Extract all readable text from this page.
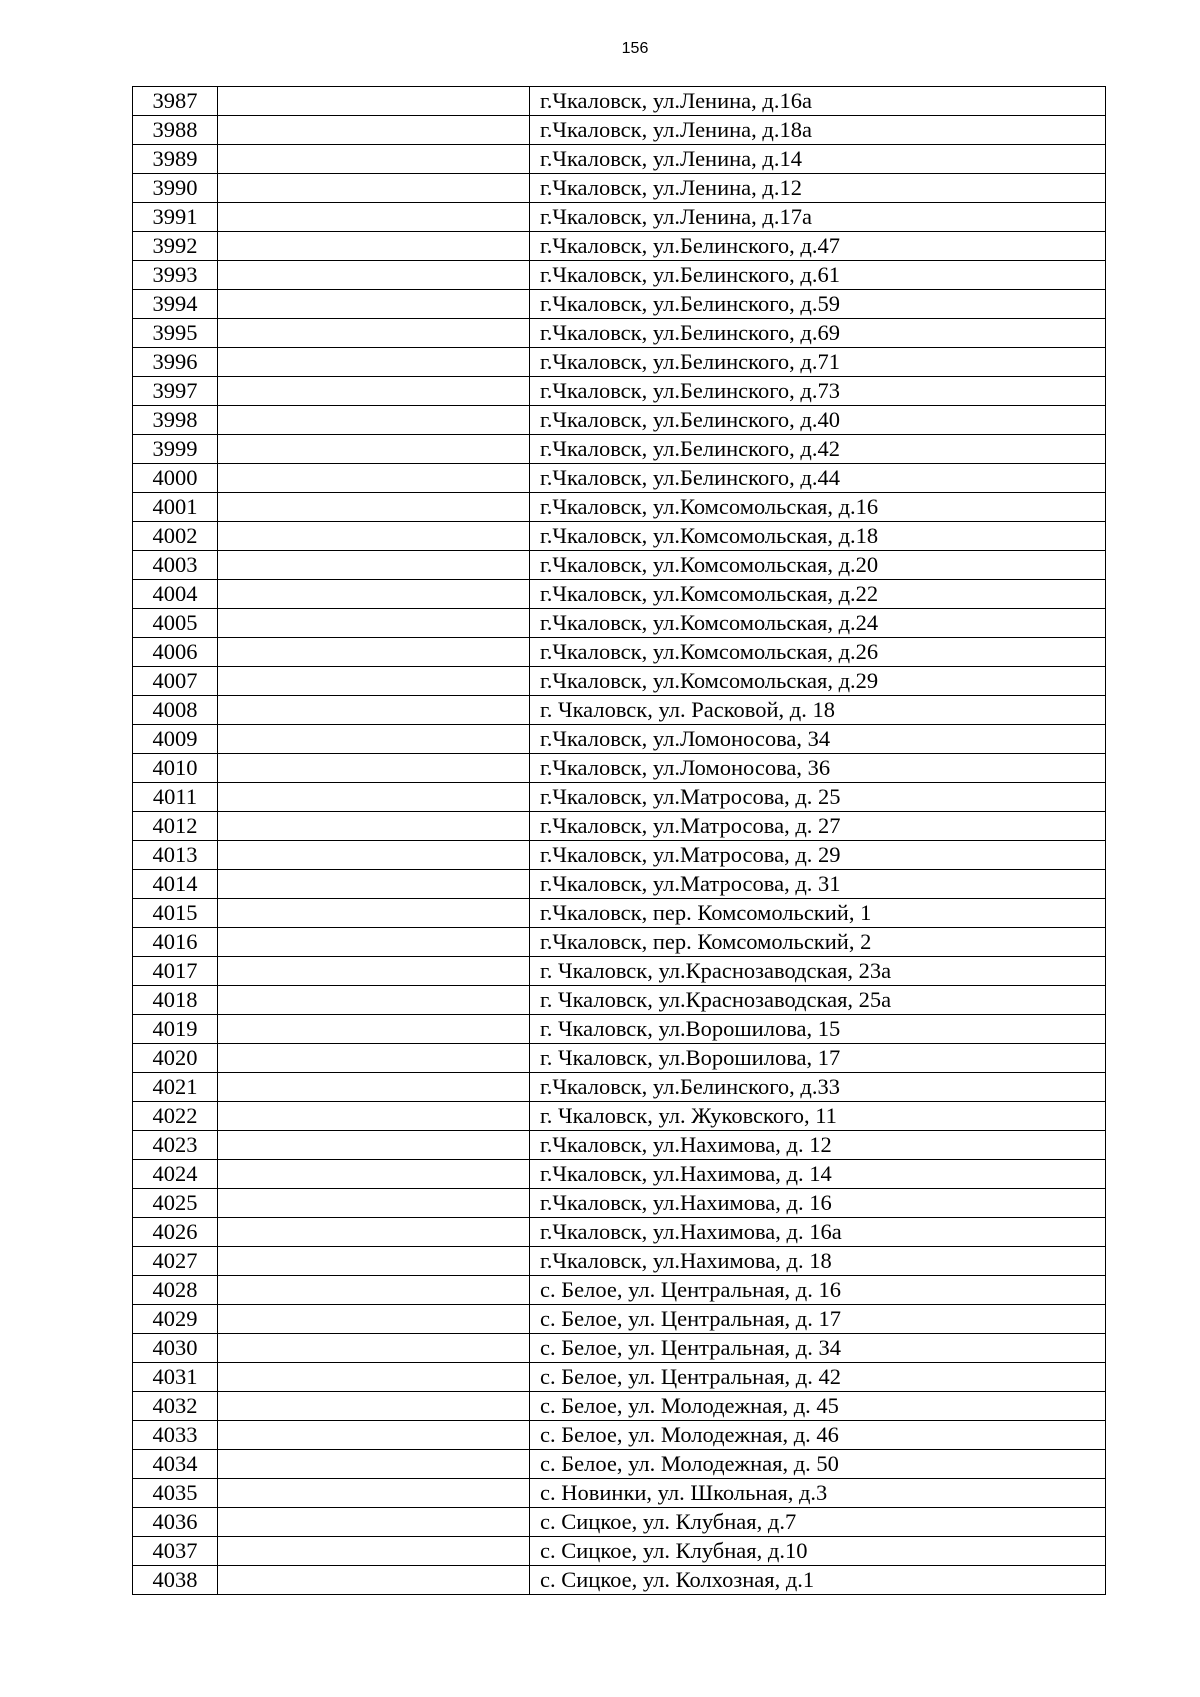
156
3987		г.Чкаловск, ул.Ленина, д.16а
3988		г.Чкаловск, ул.Ленина, д.18а
3989		г.Чкаловск, ул.Ленина, д.14
3990		г.Чкаловск, ул.Ленина, д.12
3991		г.Чкаловск, ул.Ленина, д.17а
3992		г.Чкаловск, ул.Белинского, д.47
3993		г.Чкаловск, ул.Белинского, д.61
3994		г.Чкаловск, ул.Белинского, д.59
3995		г.Чкаловск, ул.Белинского, д.69
3996		г.Чкаловск, ул.Белинского, д.71
3997		г.Чкаловск, ул.Белинского, д.73
3998		г.Чкаловск, ул.Белинского, д.40
3999		г.Чкаловск, ул.Белинского, д.42
4000		г.Чкаловск, ул.Белинского, д.44
4001		г.Чкаловск, ул.Комсомольская, д.16
4002		г.Чкаловск, ул.Комсомольская, д.18
4003		г.Чкаловск, ул.Комсомольская, д.20
4004		г.Чкаловск, ул.Комсомольская, д.22
4005		г.Чкаловск, ул.Комсомольская, д.24
4006		г.Чкаловск, ул.Комсомольская, д.26
4007		г.Чкаловск, ул.Комсомольская, д.29
4008		г. Чкаловск, ул. Расковой, д. 18
4009		г.Чкаловск, ул.Ломоносова, 34
4010		г.Чкаловск, ул.Ломоносова, 36
4011		г.Чкаловск, ул.Матросова, д. 25
4012		г.Чкаловск, ул.Матросова, д. 27
4013		г.Чкаловск, ул.Матросова, д. 29
4014		г.Чкаловск, ул.Матросова, д. 31
4015		г.Чкаловск, пер. Комсомольский, 1
4016		г.Чкаловск, пер. Комсомольский, 2
4017		г. Чкаловск, ул.Краснозаводская, 23а
4018		г. Чкаловск, ул.Краснозаводская, 25а
4019		г. Чкаловск, ул.Ворошилова, 15
4020		г. Чкаловск, ул.Ворошилова, 17
4021		г.Чкаловск, ул.Белинского, д.33
4022		г. Чкаловск, ул. Жуковского, 11
4023		г.Чкаловск, ул.Нахимова, д. 12
4024		г.Чкаловск, ул.Нахимова, д. 14
4025		г.Чкаловск, ул.Нахимова, д. 16
4026		г.Чкаловск, ул.Нахимова, д. 16а
4027		г.Чкаловск, ул.Нахимова, д. 18
4028		с. Белое, ул. Центральная, д. 16
4029		с. Белое, ул. Центральная, д. 17
4030		с. Белое, ул. Центральная, д. 34
4031		с. Белое, ул. Центральная, д. 42
4032		с. Белое, ул. Молодежная, д. 45
4033		с. Белое, ул. Молодежная, д. 46
4034		с. Белое, ул. Молодежная, д. 50
4035		с. Новинки, ул. Школьная, д.3
4036		с. Сицкое, ул. Клубная, д.7
4037		с. Сицкое, ул. Клубная, д.10
4038		с. Сицкое, ул. Колхозная, д.1
